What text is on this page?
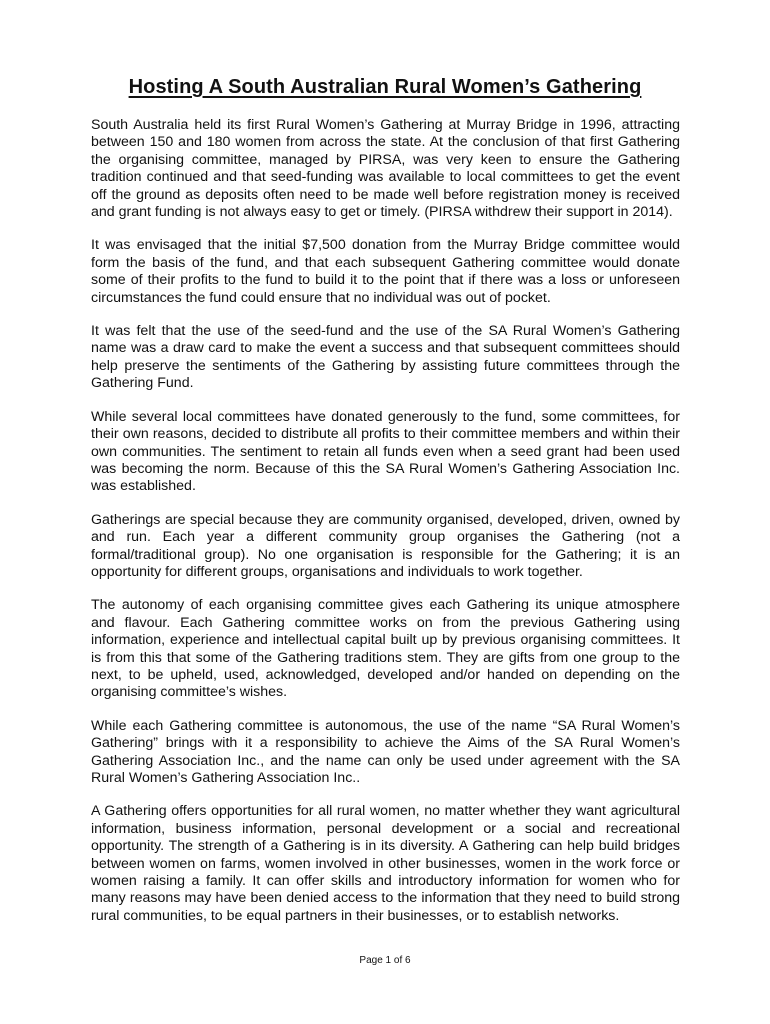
Hosting A South Australian Rural Women’s Gathering

South Australia held its first Rural Women’s Gathering at Murray Bridge in 1996, attracting between 150 and 180 women from across the state. At the conclusion of that first Gathering the organising committee, managed by PIRSA, was very keen to ensure the Gathering tradition continued and that seed-funding was available to local committees to get the event off the ground as deposits often need to be made well before registration money is received and grant funding is not always easy to get or timely. (PIRSA withdrew their support in 2014).

It was envisaged that the initial $7,500 donation from the Murray Bridge committee would form the basis of the fund, and that each subsequent Gathering committee would donate some of their profits to the fund to build it to the point that if there was a loss or unforeseen circumstances the fund could ensure that no individual was out of pocket.

It was felt that the use of the seed-fund and the use of the SA Rural Women’s Gathering name was a draw card to make the event a success and that subsequent committees should help preserve the sentiments of the Gathering by assisting future committees through the Gathering Fund.

While several local committees have donated generously to the fund, some committees, for their own reasons, decided to distribute all profits to their committee members and within their own communities. The sentiment to retain all funds even when a seed grant had been used was becoming the norm. Because of this the SA Rural Women’s Gathering Association Inc. was established.

Gatherings are special because they are community organised, developed, driven, owned by and run. Each year a different community group organises the Gathering (not a formal/traditional group). No one organisation is responsible for the Gathering; it is an opportunity for different groups, organisations and individuals to work together.

The autonomy of each organising committee gives each Gathering its unique atmosphere and flavour. Each Gathering committee works on from the previous Gathering using information, experience and intellectual capital built up by previous organising committees. It is from this that some of the Gathering traditions stem. They are gifts from one group to the next, to be upheld, used, acknowledged, developed and/or handed on depending on the organising committee’s wishes.

While each Gathering committee is autonomous, the use of the name “SA Rural Women’s Gathering” brings with it a responsibility to achieve the Aims of the SA Rural Women’s Gathering Association Inc., and the name can only be used under agreement with the SA Rural Women’s Gathering Association Inc..

A Gathering offers opportunities for all rural women, no matter whether they want agricultural information, business information, personal development or a social and recreational opportunity. The strength of a Gathering is in its diversity. A Gathering can help build bridges between women on farms, women involved in other businesses, women in the work force or women raising a family. It can offer skills and introductory information for women who for many reasons may have been denied access to the information that they need to build strong rural communities, to be equal partners in their businesses, or to establish networks.

Page 1 of 6
